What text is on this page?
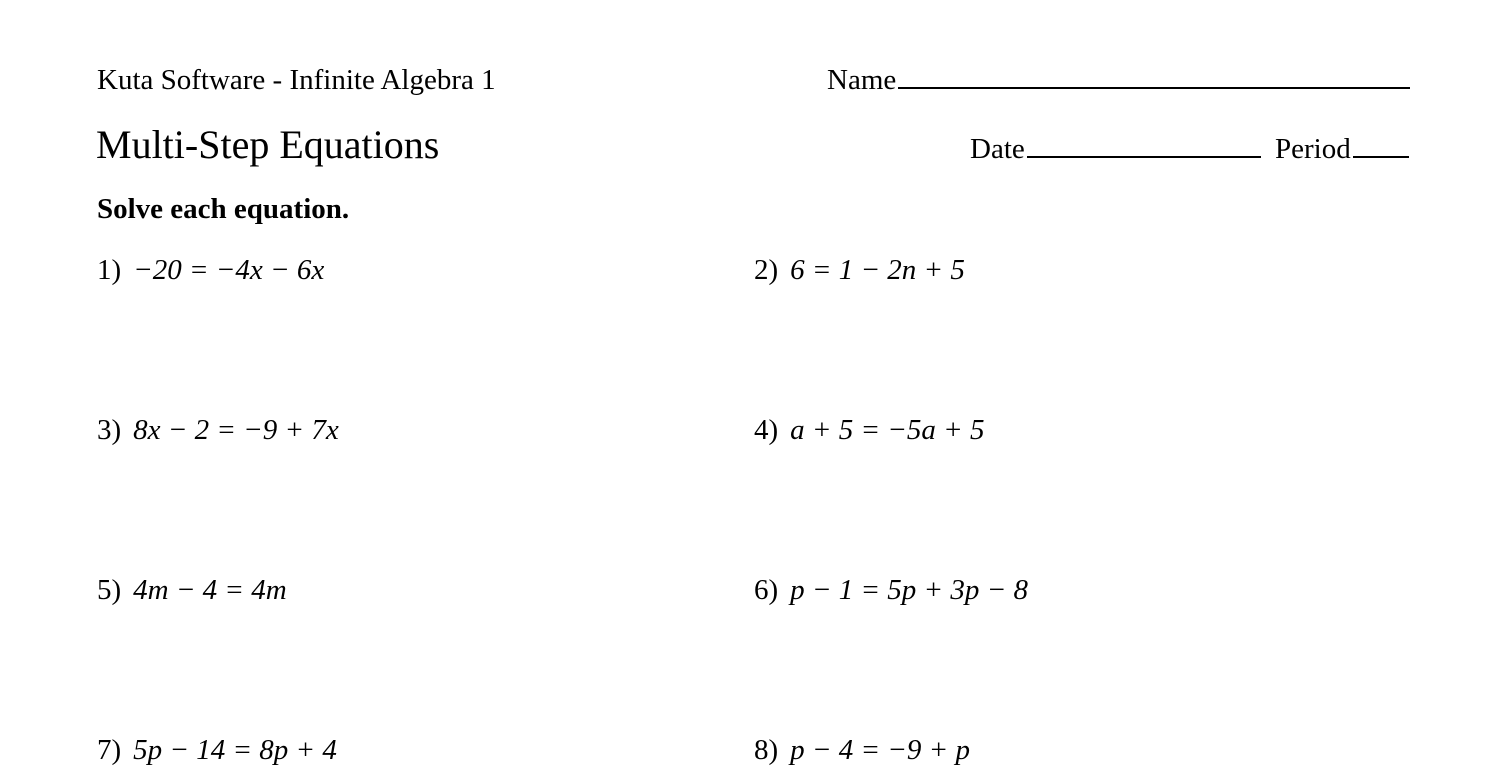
Kuta Software - Infinite Algebra 1	Name
Multi-Step Equations	Date	Period
Solve each equation.
1) −20 = −4x − 6x	2) 6 = 1 − 2n + 5
3) 8x − 2 = −9 + 7x	4) a + 5 = −5a + 5
5) 4m − 4 = 4m	6) p − 1 = 5p + 3p − 8
7) 5p − 14 = 8p + 4	8) p − 4 = −9 + p
